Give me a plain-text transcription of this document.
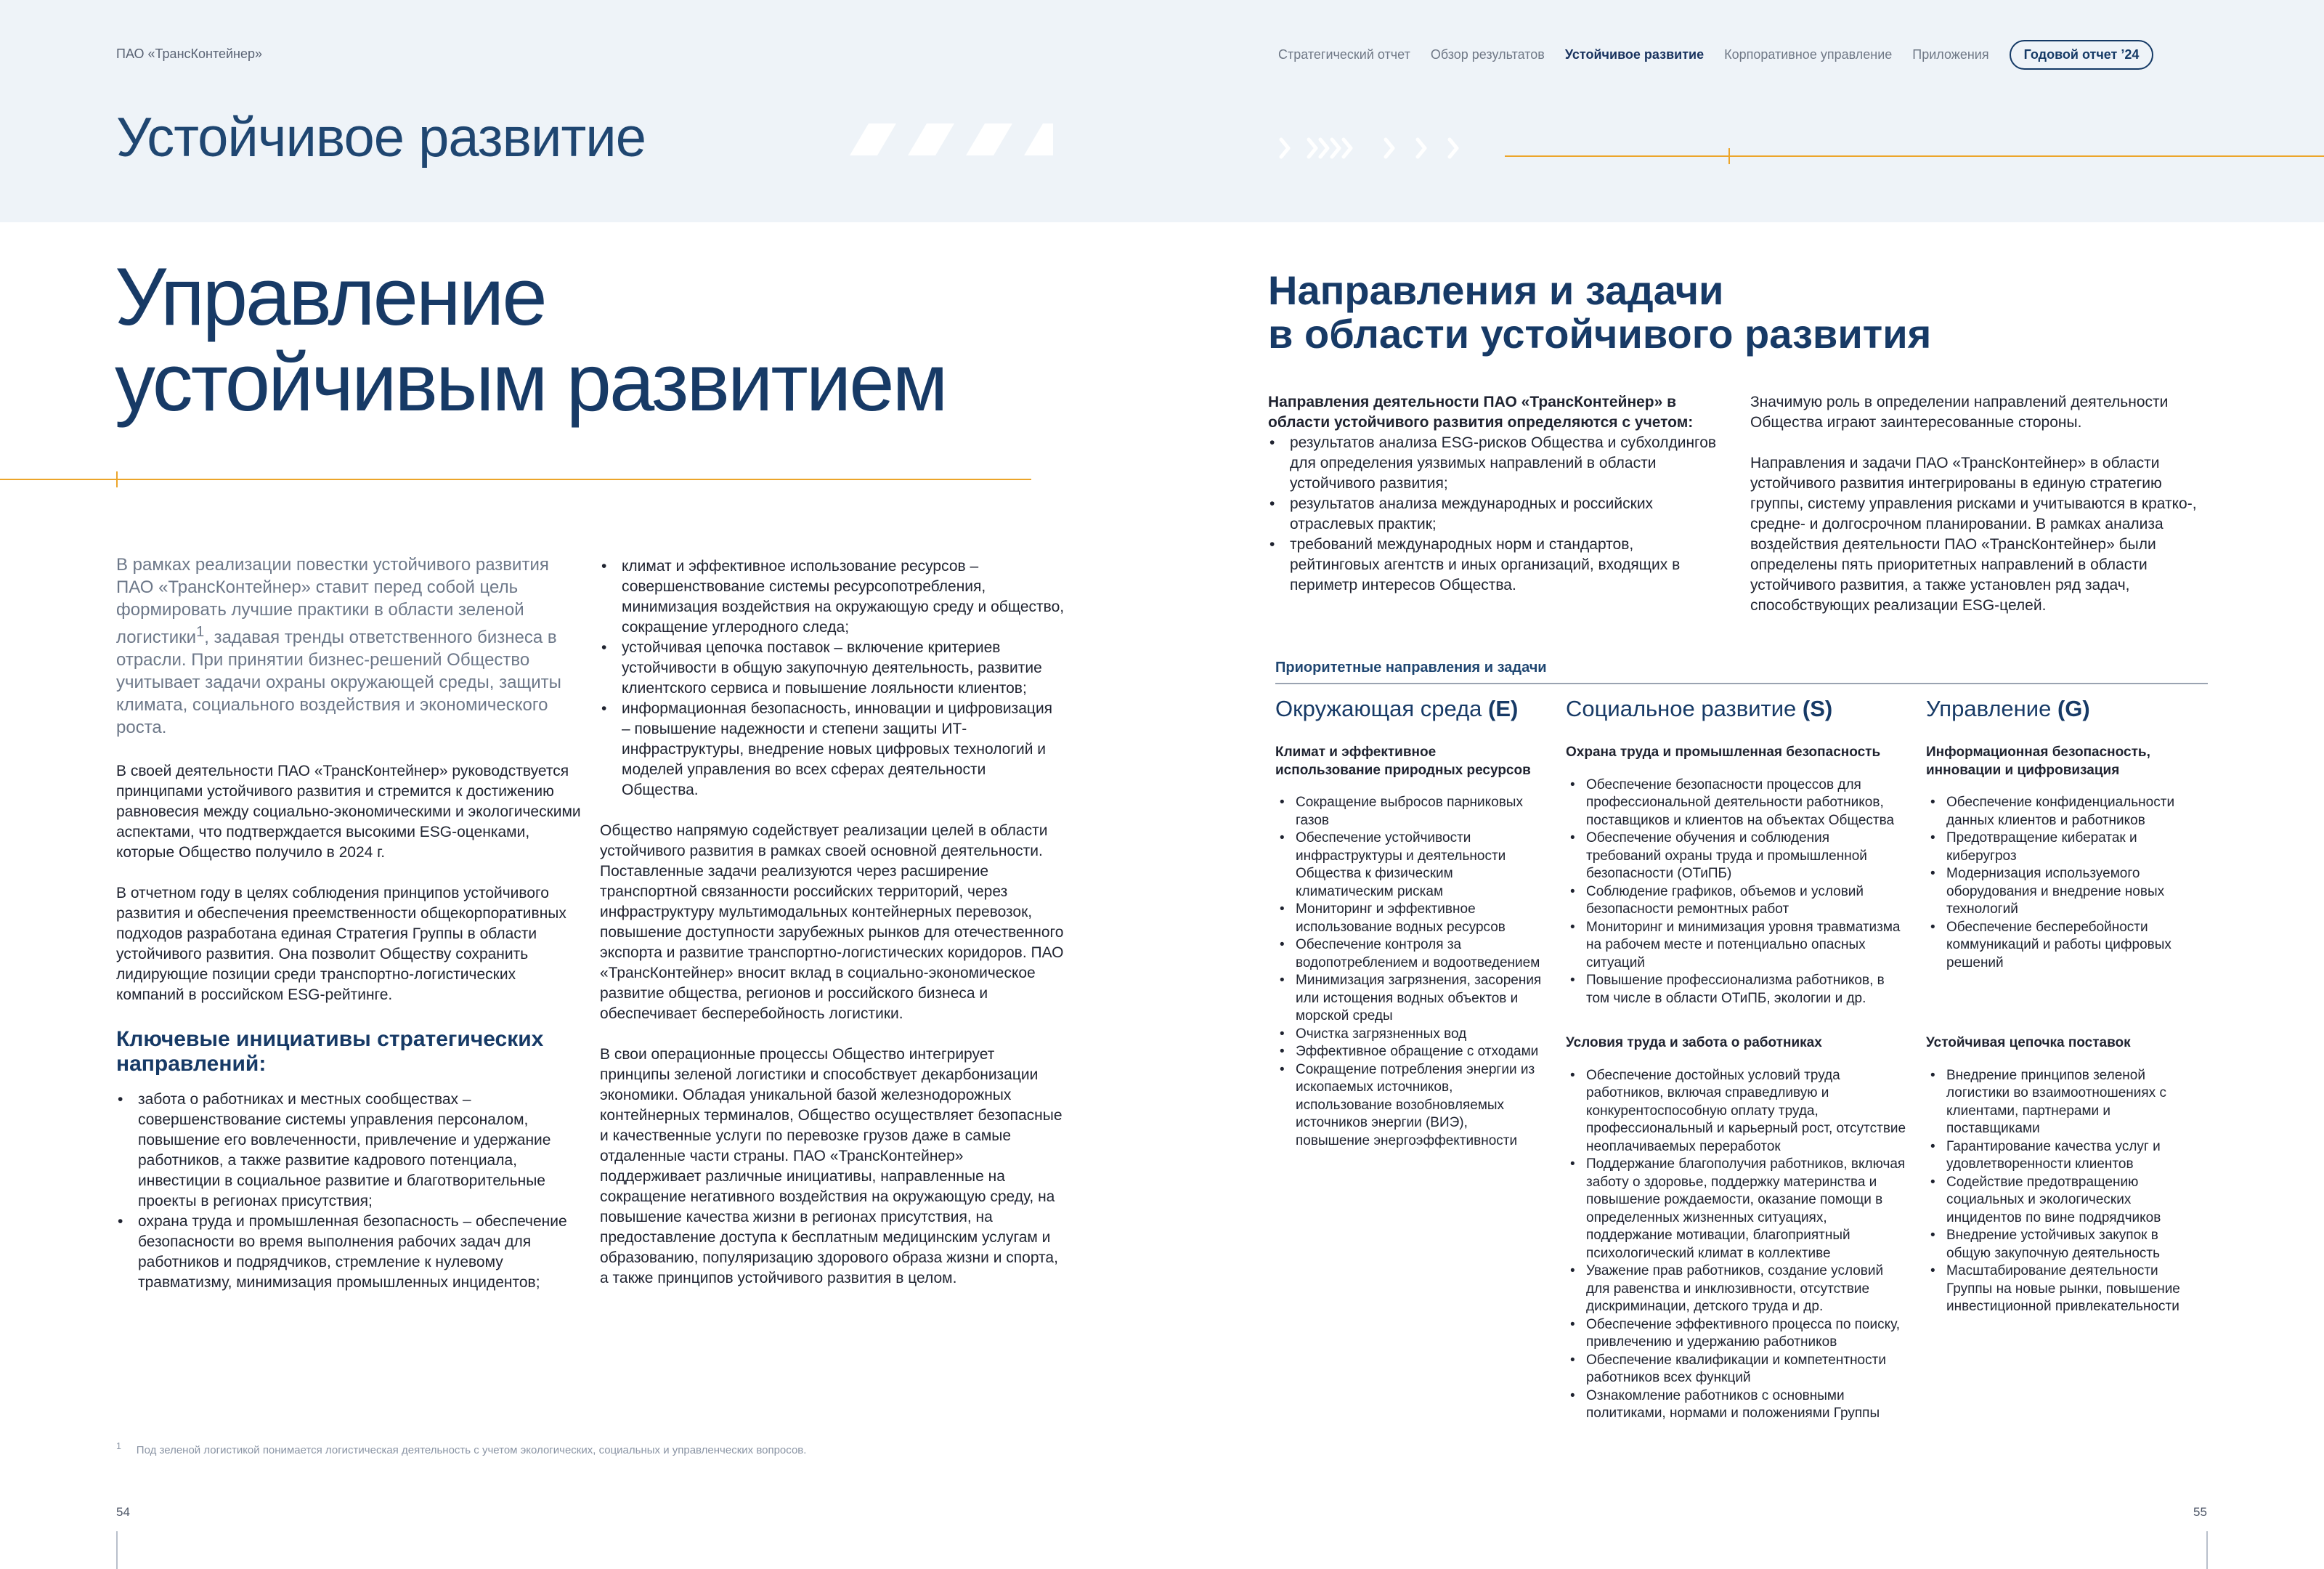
ПАО «ТрансКонтейнер»	Стратегический отчет Обзор результатов Устойчивое развитие Корпоративное управление Приложения	Годовой отчет ’24
Устойчивое развитие
Управление
устойчивым развитием

В рамках реализации повестки устойчивого развития ПАО «ТрансКонтейнер» ставит перед собой цель формировать лучшие практики в области зеленой логистики$^1$, задавая тренды ответственного бизнеса в отрасли. При принятии бизнес-решений Общество учитывает задачи охраны окружающей среды, защиты климата, социального воздействия и экономического роста.

В своей деятельности ПАО «ТрансКонтейнер» руководствуется принципами устойчивого развития и стремится к достижению равновесия между социально-экономическими и экологическими аспектами, что подтверждается высокими ESG-оценками, которые Общество получило в 2024 г.

В отчетном году в целях соблюдения принципов устойчивого развития и обеспечения преемственности общекорпоративных подходов разработана единая Стратегия Группы в области устойчивого развития. Она позволит Обществу сохранить лидирующие позиции среди транспортно-логистических компаний в российском ESG-рейтинге.

Ключевые инициативы стратегических направлений:
• забота о работниках и местных сообществах – совершенствование системы управления персоналом, повышение его вовлеченности, привлечение и удержание работников, а также развитие кадрового потенциала, инвестиции в социальное развитие и благотворительные проекты в регионах присутствия;
• охрана труда и промышленная безопасность – обеспечение безопасности во время выполнения рабочих задач для работников и подрядчиков, стремление к нулевому травматизму, минимизация промышленных инцидентов;
• климат и эффективное использование ресурсов – совершенствование системы ресурсопотребления, минимизация воздействия на окружающую среду и общество, сокращение углеродного следа;
• устойчивая цепочка поставок – включение критериев устойчивости в общую закупочную деятельность, развитие клиентского сервиса и повышение лояльности клиентов;
• информационная безопасность, инновации и цифровизация – повышение надежности и степени защиты ИТ-инфраструктуры, внедрение новых цифровых технологий и моделей управления во всех сферах деятельности Общества.

Общество напрямую содействует реализации целей в области устойчивого развития в рамках своей основной деятельности. Поставленные задачи реализуются через расширение транспортной связанности российских территорий, через инфраструктуру мультимодальных контейнерных перевозок, повышение доступности зарубежных рынков для отечественного экспорта и развитие транспортно-логистических коридоров. ПАО «ТрансКонтейнер» вносит вклад в социально-экономическое развитие общества, регионов и российского бизнеса и обеспечивает бесперебойность логистики.

В свои операционные процессы Общество интегрирует принципы зеленой логистики и способствует декарбонизации экономики. Обладая уникальной базой железнодорожных контейнерных терминалов, Общество осуществляет безопасные и качественные услуги по перевозке грузов даже в самые отдаленные части страны. ПАО «ТрансКонтейнер» поддерживает различные инициативы, направленные на сокращение негативного воздействия на окружающую среду, на повышение качества жизни в регионах присутствия, на предоставление доступа к бесплатным медицинским услугам и образованию, популяризацию здорового образа жизни и спорта, а также принципов устойчивого развития в целом.

$^1$ Под зеленой логистикой понимается логистическая деятельность с учетом экологических, социальных и управленческих вопросов.
54
Направления и задачи
в области устойчивого развития
Направления деятельности ПАО «ТрансКонтейнер» в области устойчивого развития определяются с учетом:
• результатов анализа ESG-рисков Общества и субхолдингов для определения уязвимых направлений в области устойчивого развития;
• результатов анализа международных и российских отраслевых практик;
• требований международных норм и стандартов, рейтинговых агентств и иных организаций, входящих в периметр интересов Общества.

Значимую роль в определении направлений деятельности Общества играют заинтересованные стороны.

Направления и задачи ПАО «ТрансКонтейнер» в области устойчивого развития интегрированы в единую стратегию группы, систему управления рисками и учитываются в кратко-, средне- и долгосрочном планировании. В рамках анализа воздействия деятельности ПАО «ТрансКонтейнер» были определены пять приоритетных направлений в области устойчивого развития, а также установлен ряд задач, способствующих реализации ESG-целей.

Приоритетные направления и задачи
Окружающая среда (E) Социальное развитие (S)	Управление (G)
Климат и эффективное использование природных ресурсов
• Сокращение выбросов парниковых газов
• Обеспечение устойчивости инфраструктуры и деятельности Общества к физическим климатическим рискам
• Мониторинг и эффективное использование водных ресурсов
• Обеспечение контроля за водопотреблением и водоотведением
• Минимизация загрязнения, засорения или истощения водных объектов и морской среды
• Очистка загрязненных вод
• Эффективное обращение с отходами
• Сокращение потребления энергии из ископаемых источников, использование возобновляемых источников энергии (ВИЭ), повышение энергоэффективности
Охрана труда и промышленная безопасность
• Обеспечение безопасности процессов для профессиональной деятельности работников, поставщиков и клиентов на объектах Общества
• Обеспечение обучения и соблюдения требований охраны труда и промышленной безопасности (ОТиПБ)
• Соблюдение графиков, объемов и условий безопасности ремонтных работ
• Мониторинг и минимизация уровня травматизма на рабочем месте и потенциально опасных ситуаций
• Повышение профессионализма работников, в том числе в области ОТиПБ, экологии и др.
Условия труда и забота о работниках
• Обеспечение достойных условий труда работников, включая справедливую и конкурентоспособную оплату труда, профессиональный и карьерный рост, отсутствие неоплачиваемых переработок
• Поддержание благополучия работников, включая заботу о здоровье, поддержку материнства и повышение рождаемости, оказание помощи в определенных жизненных ситуациях, поддержание мотивации, благоприятный психологический климат в коллективе
• Уважение прав работников, создание условий для равенства и инклюзивности, отсутствие дискриминации, детского труда и др.
• Обеспечение эффективного процесса по поиску, привлечению и удержанию работников
• Обеспечение квалификации и компетентности работников всех функций
• Ознакомление работников с основными политиками, нормами и положениями Группы
Информационная безопасность, инновации и цифровизация
• Обеспечение конфиденциальности данных клиентов и работников
• Предотвращение кибератак и киберугроз
• Модернизация используемого оборудования и внедрение новых технологий
• Обеспечение бесперебойности коммуникаций и работы цифровых решений
Устойчивая цепочка поставок
• Внедрение принципов зеленой логистики во взаимоотношениях с клиентами, партнерами и поставщиками
• Гарантирование качества услуг и удовлетворенности клиентов
• Содействие предотвращению социальных и экологических инцидентов по вине подрядчиков
• Внедрение устойчивых закупок в общую закупочную деятельность
• Масштабирование деятельности Группы на новые рынки, повышение инвестиционной привлекательности
55
